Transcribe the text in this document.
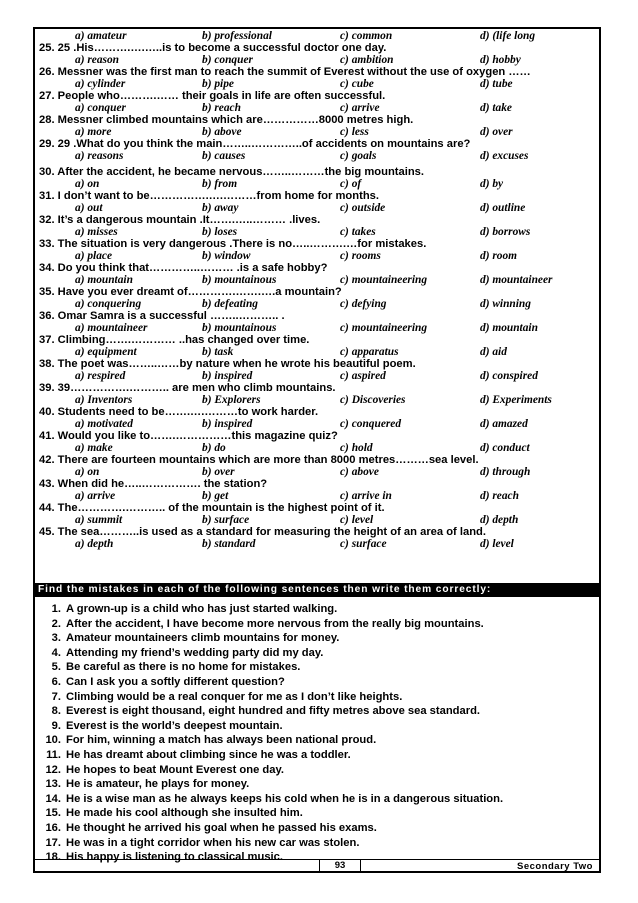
a) amateur	b) professional	c) common	d) (life long
25. 25 .His……….….…..is to become a successful doctor one day.
a) reason	b) conquer	c) ambition	d) hobby
26. Messner was the first man to reach the summit of Everest without the use of oxygen ……
a) cylinder	b) pipe	c) cube	d) tube
27. People who……….…… their goals in life are often successful.
a) conquer	b) reach	c) arrive	d) take
28. Messner climbed mountains which are……………8000 metres high.
a) more	b) above	c) less	d) over
29. 29 .What do you think the main……..…………..of accidents on mountains are?
a) reasons	b) causes	c) goals	d) excuses
30. After the accident, he became nervous……..………the big mountains.
a) on	b) from	c) of	d) by
31. I don’t want to be…………….….………from home for months.
a) out	b) away	c) outside	d) outline
32. It’s a dangerous mountain .It…….…..……… .lives.
a) misses	b) loses	c) takes	d) borrows
33. The situation is very dangerous .There is no…..……….…for mistakes.
a) place	b) window	c) rooms	d) room
34. Do you think that…………..……… .is a safe hobby?
a) mountain	b) mountainous	c) mountaineering	d) mountaineer
35. Have you ever dreamt of………….…….….a mountain?
a) conquering	b) defeating	c) defying	d) winning
36. Omar Samra is a successful ……..……….. .
a) mountaineer	b) mountainous	c) mountaineering	d) mountain
37. Climbing…….………… ..has changed over time.
a) equipment	b) task	c) apparatus	d) aid
38. The poet was……..……by nature when he wrote his beautiful poem.
a) respired	b) inspired	c) aspired	d) conspired
39. 39…………….……….. are men who climb mountains.
a) Inventors	b) Explorers	c) Discoveries	d) Experiments
40. Students need to be…….….………to work harder.
a) motivated	b) inspired	c) conquered	d) amazed
41. Would you like to…….……………this magazine quiz?
a) make	b) do	c) hold	d) conduct
42. There are fourteen mountains which are more than 8000 metres………sea level.
a) on	b) over	c) above	d) through
43. When did he…..……………. the station?
a) arrive	b) get	c) arrive in	d) reach
44. The………….……….. of the mountain is the highest point of it.
a) summit	b) surface	c) level	d) depth
45. The sea………..is used as a standard for measuring the height of an area of land.
a) depth	b) standard	c) surface	d) level
Find the mistakes in each of the following sentences then write them correctly:
1. A grown-up is a child who has just started walking.
2. After the accident, I have become more nervous from the really big mountains.
3. Amateur mountaineers climb mountains for money.
4. Attending my friend’s wedding party did my day.
5. Be careful as there is no home for mistakes.
6. Can I ask you a softly different question?
7. Climbing would be a real conquer for me as I don’t like heights.
8. Everest is eight thousand, eight hundred and fifty metres above sea standard.
9. Everest is the world’s deepest mountain.
10. For him, winning a match has always been national proud.
11. He has dreamt about climbing since he was a toddler.
12. He hopes to beat Mount Everest one day.
13. He is amateur, he plays for money.
14. He is a wise man as he always keeps his cold when he is in a dangerous situation.
15. He made his cool although she insulted him.
16. He thought he arrived his goal when he passed his exams.
17. He was in a tight corridor when his new car was stolen.
18. His happy is listening to classical music.
93	Secondary Two
